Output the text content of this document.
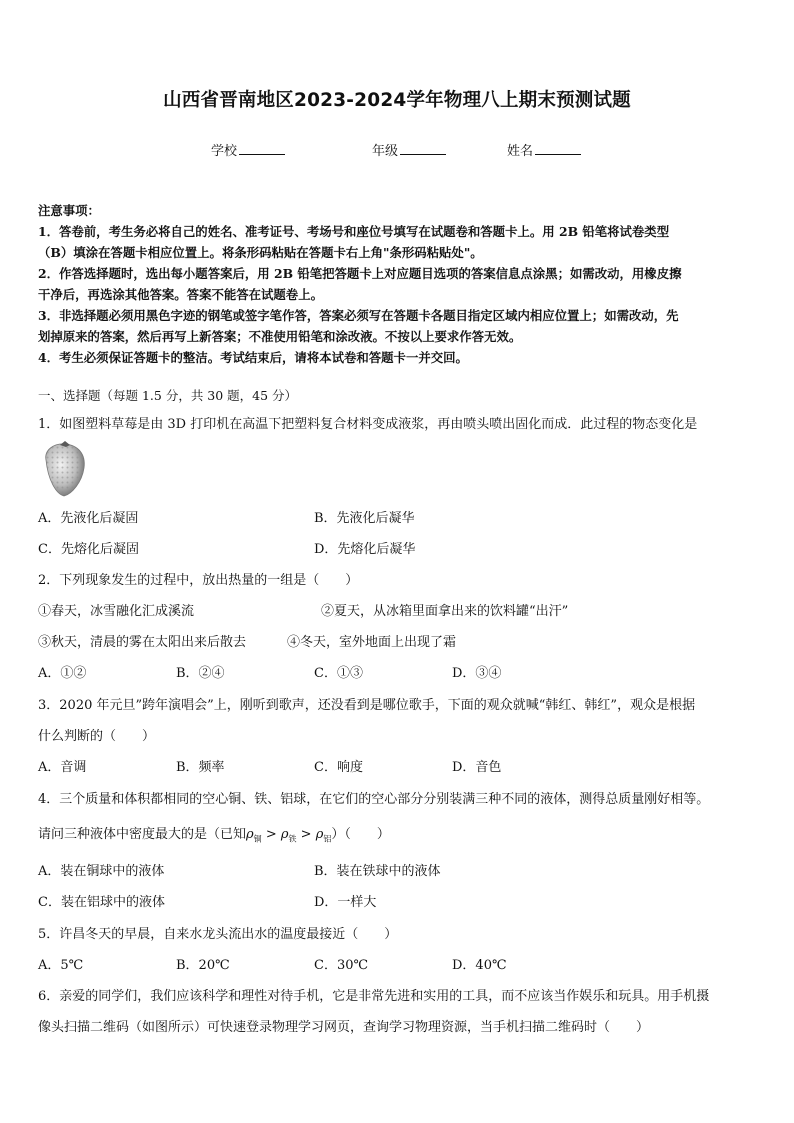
山西省晋南地区2023-2024学年物理八上期末预测试题
学校	年级	姓名
注意事项：
1．答卷前，考生务必将自己的姓名、准考证号、考场号和座位号填写在试题卷和答题卡上。用 2B 铅笔将试卷类型
（B）填涂在答题卡相应位置上。将条形码粘贴在答题卡右上角"条形码粘贴处"。
2．作答选择题时，选出每小题答案后，用 2B 铅笔把答题卡上对应题目选项的答案信息点涂黑；如需改动，用橡皮擦
干净后，再选涂其他答案。答案不能答在试题卷上。
3．非选择题必须用黑色字迹的钢笔或签字笔作答，答案必须写在答题卡各题目指定区域内相应位置上；如需改动，先
划掉原来的答案，然后再写上新答案；不准使用铅笔和涂改液。不按以上要求作答无效。
4．考生必须保证答题卡的整洁。考试结束后，请将本试卷和答题卡一并交回。
一、选择题（每题 1.5 分，共 30 题，45 分）
1．如图塑料草莓是由 3D 打印机在高温下把塑料复合材料变成液浆，再由喷头喷出固化而成．此过程的物态变化是
A．先液化后凝固	B．先液化后凝华
C．先熔化后凝固	D．先熔化后凝华
2．下列现象发生的过程中，放出热量的一组是（　　）
①春天，冰雪融化汇成溪流	②夏天，从冰箱里面拿出来的饮料罐“出汗”
③秋天，清晨的雾在太阳出来后散去	④冬天，室外地面上出现了霜
A．①②	B．②④	C．①③	D．③④
3．2020 年元旦”跨年演唱会”上，刚听到歌声，还没看到是哪位歌手，下面的观众就喊“韩红、韩红”，观众是根据
什么判断的（　　）
A．音调	B．频率	C．响度	D．音色
4．三个质量和体积都相同的空心铜、铁、铝球，在它们的空心部分分别装满三种不同的液体，测得总质量刚好相等。
请问三种液体中密度最大的是（已知$\rho_铜 > \rho_铁 > \rho_铝$）（　　）
A．装在铜球中的液体	B．装在铁球中的液体
C．装在铝球中的液体	D．一样大
5．许昌冬天的早晨，自来水龙头流出水的温度最接近（　　）
A．5℃	B．20℃	C．30℃	D．40℃
6．亲爱的同学们，我们应该科学和理性对待手机，它是非常先进和实用的工具，而不应该当作娱乐和玩具。用手机摄
像头扫描二维码（如图所示）可快速登录物理学习网页，查询学习物理资源，当手机扫描二维码时（　　）
